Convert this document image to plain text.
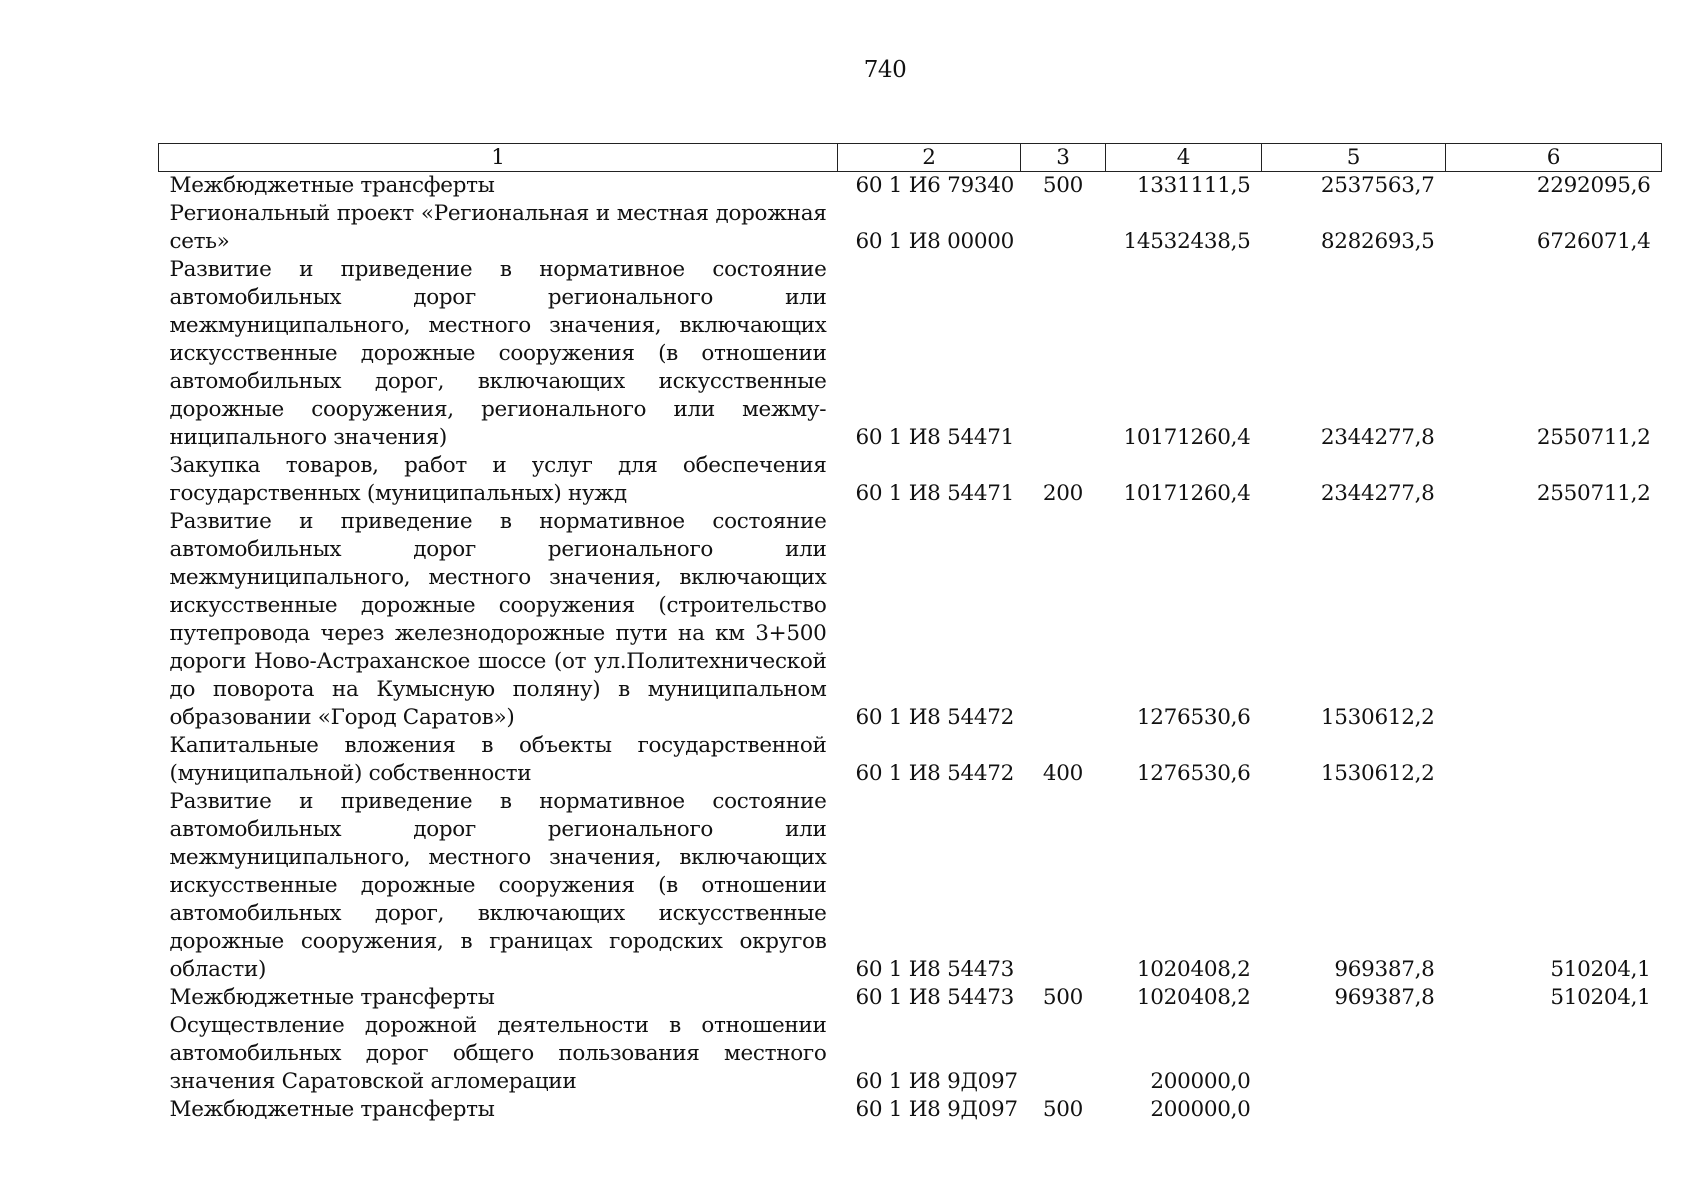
740
1	2	3	4	5	6
Межбюджетные трансферты	60 1 И6 79340	500	1331111,5	2537563,7	2292095,6
Региональный проект «Региональная и местная дорожная сеть»	60 1 И8 00000		14532438,5	8282693,5	6726071,4
Развитие и приведение в нормативное состояние автомобильных дорог регионального или межмуниципального, местного значения, включающих искусственные дорожные сооружения (в отношении автомобильных дорог, включающих искусственные дорожные сооружения, регионального или межмуниципального значения)	60 1 И8 54471		10171260,4	2344277,8	2550711,2
Закупка товаров, работ и услуг для обеспечения государственных (муниципальных) нужд	60 1 И8 54471	200	10171260,4	2344277,8	2550711,2
Развитие и приведение в нормативное состояние автомобильных дорог регионального или межмуниципального, местного значения, включающих искусственные дорожные сооружения (строительство путепровода через железнодорожные пути на км 3+500 дороги Ново-Астраханское шоссе (от ул.Политехнической до поворота на Кумысную поляну) в муниципальном образовании «Город Саратов»)	60 1 И8 54472		1276530,6	1530612,2	
Капитальные вложения в объекты государственной (муниципальной) собственности	60 1 И8 54472	400	1276530,6	1530612,2	
Развитие и приведение в нормативное состояние автомобильных дорог регионального или межмуниципального, местного значения, включающих искусственные дорожные сооружения (в отношении автомобильных дорог, включающих искусственные дорожные сооружения, в границах городских округов области)	60 1 И8 54473		1020408,2	969387,8	510204,1
Межбюджетные трансферты	60 1 И8 54473	500	1020408,2	969387,8	510204,1
Осуществление дорожной деятельности в отношении автомобильных дорог общего пользования местного значения Саратовской агломерации	60 1 И8 9Д097		200000,0		
Межбюджетные трансферты	60 1 И8 9Д097	500	200000,0		
